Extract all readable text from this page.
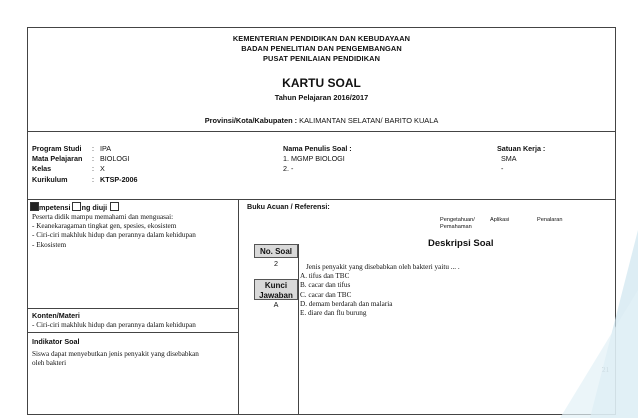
KEMENTERIAN PENDIDIKAN DAN KEBUDAYAAN
BADAN PENELITIAN DAN PENGEMBANGAN
PUSAT PENILAIAN PENDIDIKAN
KARTU SOAL
Tahun Pelajaran 2016/2017
Provinsi/Kota/Kabupaten : KALIMANTAN SELATAN/ BARITO KUALA
Program Studi : IPA
Mata Pelajaran : BIOLOGI
Kelas	: X
Kurikulum	: KTSP-2006
Nama Penulis Soal :
1. MGMP BIOLOGI
2. -
Satuan Kerja :
SMA
-
mpetensi ng diuji
Peserta didik mampu memahami dan menguasai:
- Keanekaragaman tingkat gen, spesies, ekosistem
- Ciri-ciri makhluk hidup dan perannya dalam kehidupan
- Ekosistem
Konten/Materi
- Ciri-ciri makhluk hidup dan perannya dalam kehidupan
Indikator Soal
Siswa dapat menyebutkan jenis penyakit yang disebabkan
oleh bakteri
Buku Acuan / Referensi:
Pengetahuan/ Pemahaman
Aplikasi	Penalaran
No. Soal
2
Kunci
Jawaban
A
Deskripsi Soal
Jenis penyakit yang disebabkan oleh bakteri yaitu ... .
A. tifus dan TBC
B. cacar dan tifus
C. cacar dan TBC
D. demam berdarah dan malaria
E. diare dan flu burung
